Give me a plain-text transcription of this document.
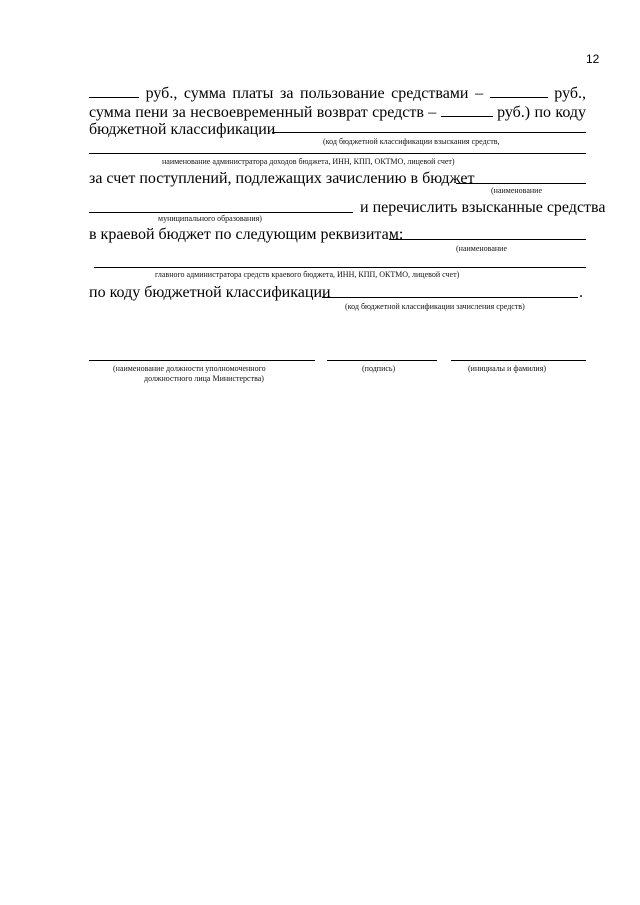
12
руб., сумма платы за пользование средствами –	руб.,
сумма пени за несвоевременный возврат средств –	руб.) по коду
бюджетной классификации
(код бюджетной классификации взыскания средств,
наименование администратора доходов бюджета, ИНН, КПП, ОКТМО, лицевой счет)
за счет поступлений, подлежащих зачислению в бюджет
(наименование
и перечислить взысканные средства
муниципального образования)
в краевой бюджет по следующим реквизитам:
(наименование
главного администратора средств краевого бюджета, ИНН, КПП, ОКТМО, лицевой счет)
по коду бюджетной классификации	.
(код бюджетной классификации зачисления средств)
(наименование должности уполномоченного
должностного лица Министерства)
(подпись)	(инициалы и фамилия)
